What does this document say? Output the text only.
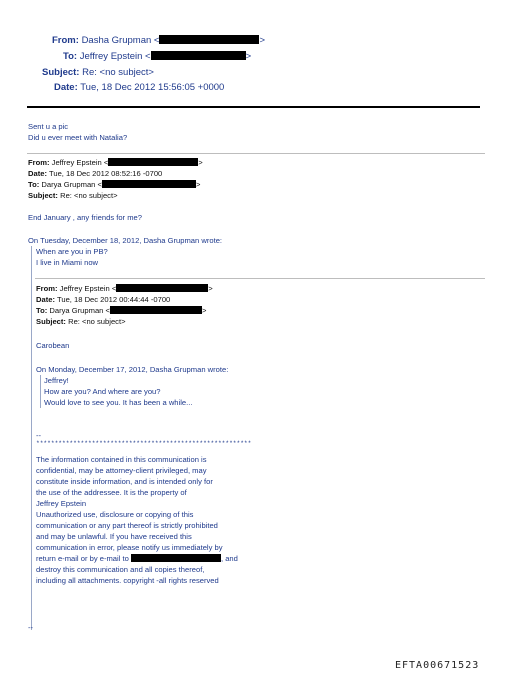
From: Dasha Grupman <	>
To: Jeffrey Epstein <	>
Subject: Re: <no subject>
Date: Tue, 18 Dec 2012 15:56:05 +0000
Sent u a pic
Did u ever meet with Natalia?
From: Jeffrey Epstein <	>
Date: Tue, 18 Dec 2012 08:52:16 -0700
To: Darya Grupman <	>
Subject: Re: <no subject>
End January , any friends for me?
On Tuesday, December 18, 2012, Dasha Grupman wrote:
When are you in PB?
I live in Miami now
From: Jeffrey Epstein <	>
Date: Tue, 18 Dec 2012 00:44:44 -0700
To: Darya Grupman <	>
Subject: Re: <no subject>
Carobean
On Monday, December 17, 2012, Dasha Grupman wrote:
Jeffrey!
How are you? And where are you?
Would love to see you. It has been a while...
--
**********************************************************
The information contained in this communication is
confidential, may be attorney-client privileged, may
constitute inside information, and is intended only for
the use of the addressee. It is the property of
Jeffrey Epstein
Unauthorized use, disclosure or copying of this
communication or any part thereof is strictly prohibited
and may be unlawful. If you have received this
communication in error, please notify us immediately by
return e-mail or by e-mail to	, and
destroy this communication and all copies thereof,
including all attachments. copyright -all rights reserved
--
EFTA00671523
